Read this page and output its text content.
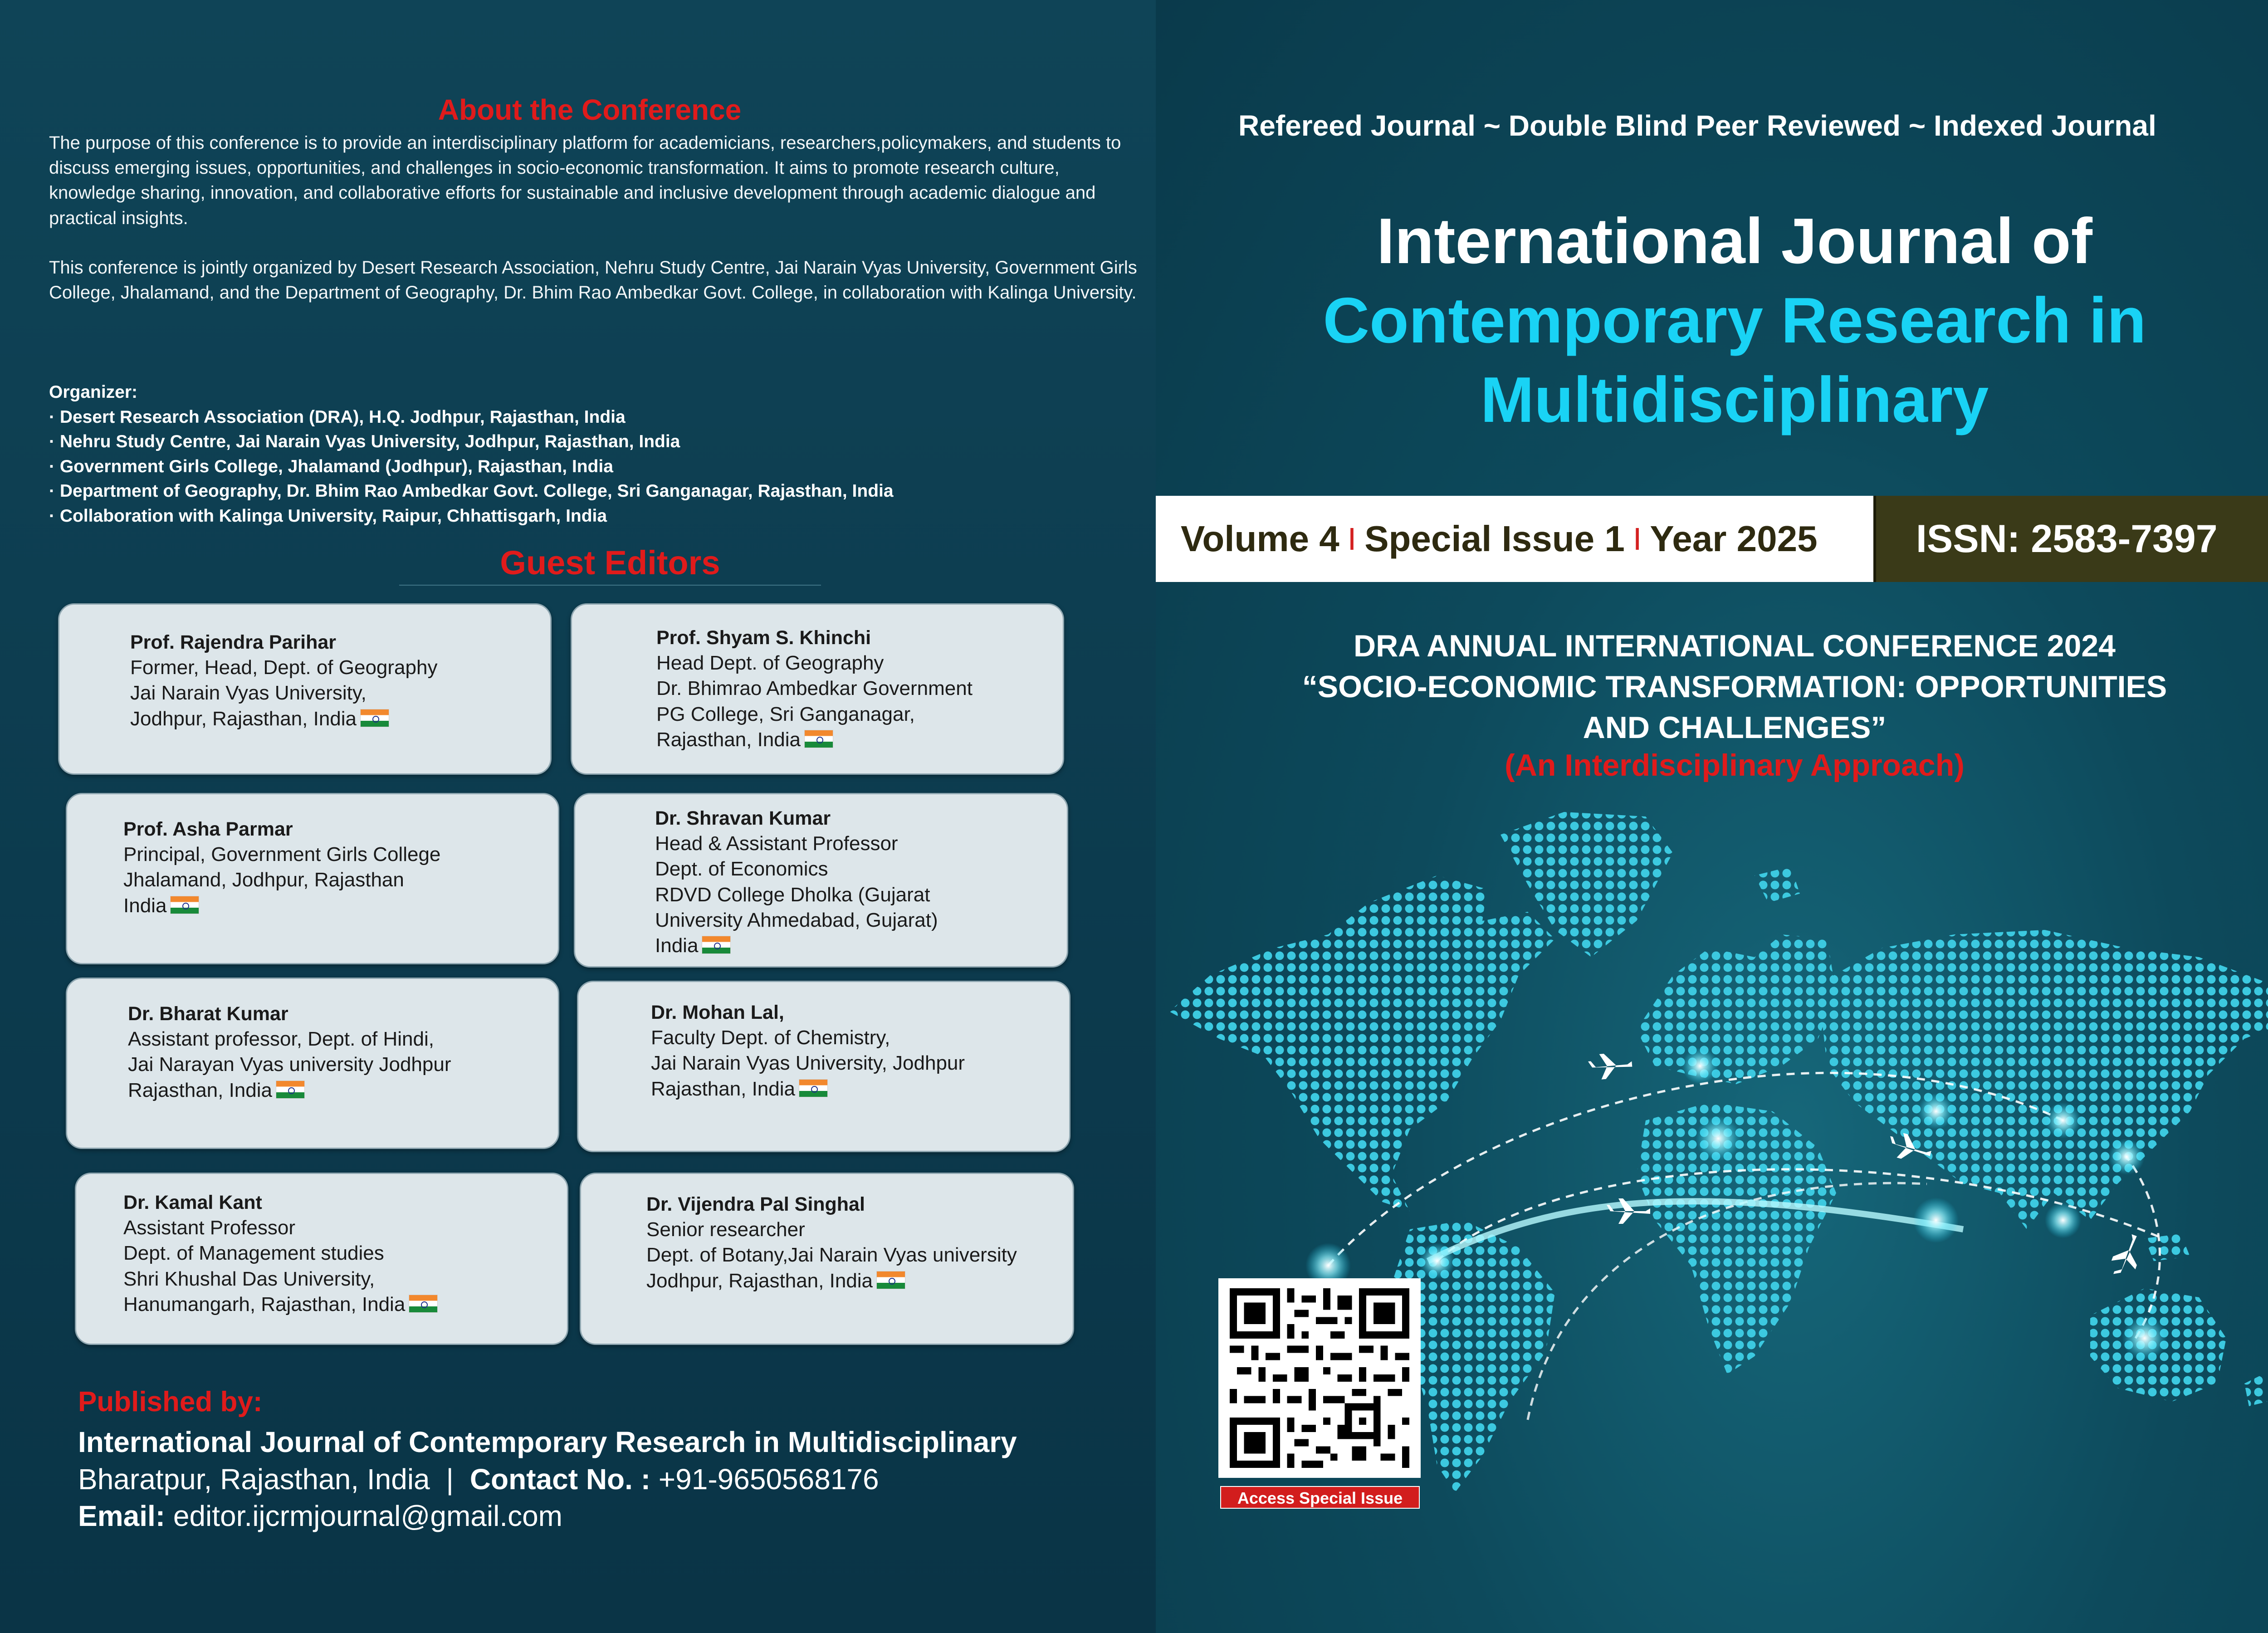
About the Conference

The purpose of this conference is to provide an interdisciplinary platform for academicians, researchers,policymakers, and students to discuss emerging issues, opportunities, and challenges in socio-economic transformation. It aims to promote research culture, knowledge sharing, innovation, and collaborative efforts for sustainable and inclusive development through academic dialogue and practical insights.

This conference is jointly organized by Desert Research Association, Nehru Study Centre, Jai Narain Vyas University, Government Girls College, Jhalamand, and the Department of Geography, Dr. Bhim Rao Ambedkar Govt. College, in collaboration with Kalinga University.

Organizer:
· Desert Research Association (DRA), H.Q. Jodhpur, Rajasthan, India
· Nehru Study Centre, Jai Narain Vyas University, Jodhpur, Rajasthan, India
· Government Girls College, Jhalamand (Jodhpur), Rajasthan, India
· Department of Geography, Dr. Bhim Rao Ambedkar Govt. College, Sri Ganganagar, Rajasthan, India
· Collaboration with Kalinga University, Raipur, Chhattisgarh, India
Guest Editors
Prof. Rajendra Parihar
Former, Head, Dept. of Geography
Jai Narain Vyas University,
Jodhpur, Rajasthan, India
Prof. Shyam S. Khinchi
Head Dept. of Geography
Dr. Bhimrao Ambedkar Government
PG College, Sri Ganganagar,
Rajasthan, India
Prof. Asha Parmar
Principal, Government Girls College
Jhalamand, Jodhpur, Rajasthan
India
Dr. Shravan Kumar
Head & Assistant Professor
Dept. of Economics
RDVD College Dholka (Gujarat
University Ahmedabad, Gujarat)
India
Dr. Bharat Kumar
Assistant professor, Dept. of Hindi,
Jai Narayan Vyas university Jodhpur
Rajasthan, India
Dr. Mohan Lal,
Faculty Dept. of Chemistry,
Jai Narain Vyas University, Jodhpur
Rajasthan, India
Dr. Kamal Kant
Assistant Professor
Dept. of Management studies
Shri Khushal Das University,
Hanumangarh, Rajasthan, India
Dr. Vijendra Pal Singhal
Senior researcher
Dept. of Botany,Jai Narain Vyas university
Jodhpur, Rajasthan, India
Published by:
International Journal of Contemporary Research in Multidisciplinary
Bharatpur, Rajasthan, India | Contact No. : +91-9650568176
Email: editor.ijcrmjournal@gmail.com
Refereed Journal ~ Double Blind Peer Reviewed ~ Indexed Journal
International Journal of
Contemporary Research in
Multidisciplinary
Volume 4 I Special Issue 1 I Year 2025	ISSN: 2583-7397
DRA ANNUAL INTERNATIONAL CONFERENCE 2024
“SOCIO-ECONOMIC TRANSFORMATION: OPPORTUNITIES
AND CHALLENGES”
(An Interdisciplinary Approach)
Access Special Issue
